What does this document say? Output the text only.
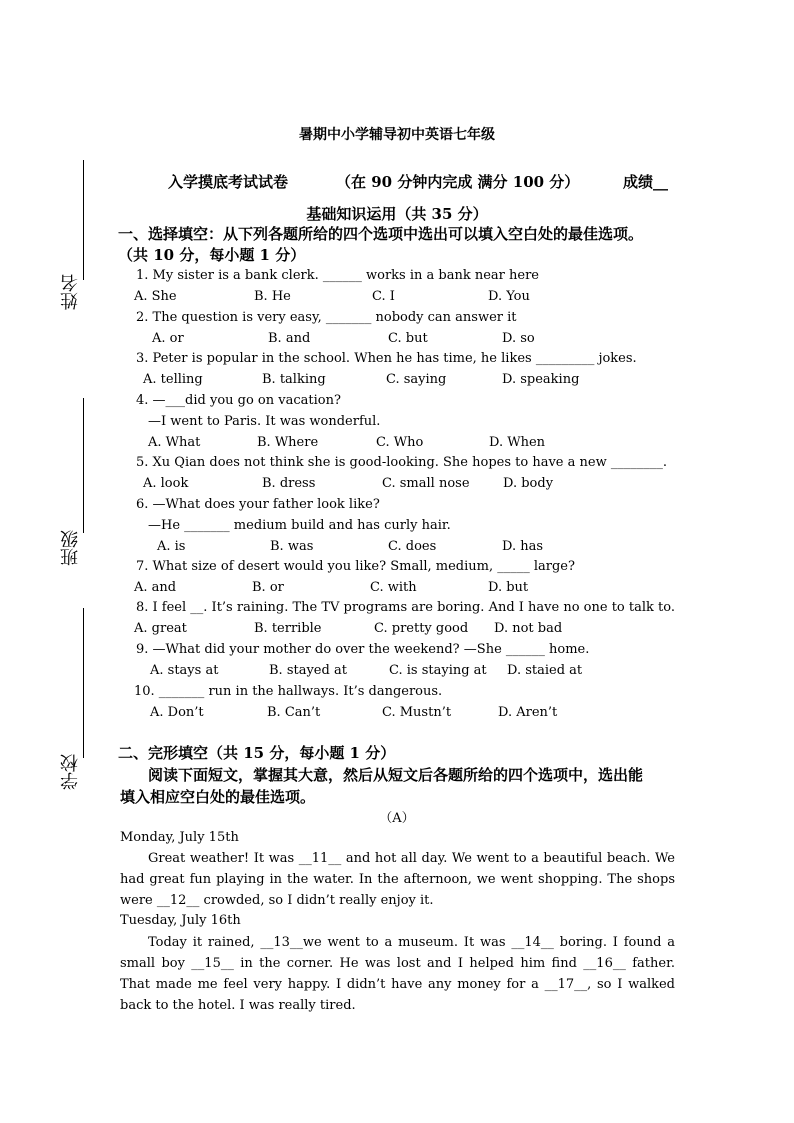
姓名
班级
学校
暑期中小学辅导初中英语七年级
入学摸底考试试卷	（在 90 分钟内完成 满分 100 分）	成绩__
基础知识运用（共 35 分）
一、选择填空：从下列各题所给的四个选项中选出可以填入空白处的最佳选项。
（共 10 分，每小题 1 分）
1. My sister is a bank clerk. ______ works in a bank near here
A. She	B. He	C. I	D. You
2. The question is very easy, _______ nobody can answer it
A. or	B. and	C. but	D. so
3. Peter is popular in the school. When he has time, he likes _________ jokes.
A. telling	B. talking	C. saying	D. speaking
4. —___did you go on vacation?
—I went to Paris. It was wonderful.
A. What	B. Where	C. Who	D. When
5. Xu Qian does not think she is good-looking. She hopes to have a new ________.
A. look	B. dress	C. small nose	D. body
6. —What does your father look like?
—He _______ medium build and has curly hair.
A. is	B. was	C. does	D. has
7. What size of desert would you like? Small, medium, _____ large?
A. and	B. or	C. with	D. but
8. I feel __. It’s raining. The TV programs are boring. And I have no one to talk to.
A. great	B. terrible	C. pretty good D. not bad
9. —What did your mother do over the weekend? —She ______ home.
A. stays at	B. stayed at	C. is staying at D. staied at
10. _______ run in the hallways. It’s dangerous.
A. Don’t	B. Can’t	C. Mustn’t	D. Aren’t
二、完形填空（共 15 分，每小题 1 分）
阅读下面短文，掌握其大意，然后从短文后各题所给的四个选项中，选出能
填入相应空白处的最佳选项。
（A）
Monday, July 15th
Great weather! It was __11__ and hot all day. We went to a beautiful beach. We had great fun playing in the water. In the afternoon, we went shopping. The shops were __12__ crowded, so I didn’t really enjoy it.
Tuesday, July 16th
Today it rained, __13__we went to a museum. It was __14__ boring. I found a small boy __15__ in the corner. He was lost and I helped him find __16__ father. That made me feel very happy. I didn’t have any money for a __17__, so I walked back to the hotel. I was really tired.
